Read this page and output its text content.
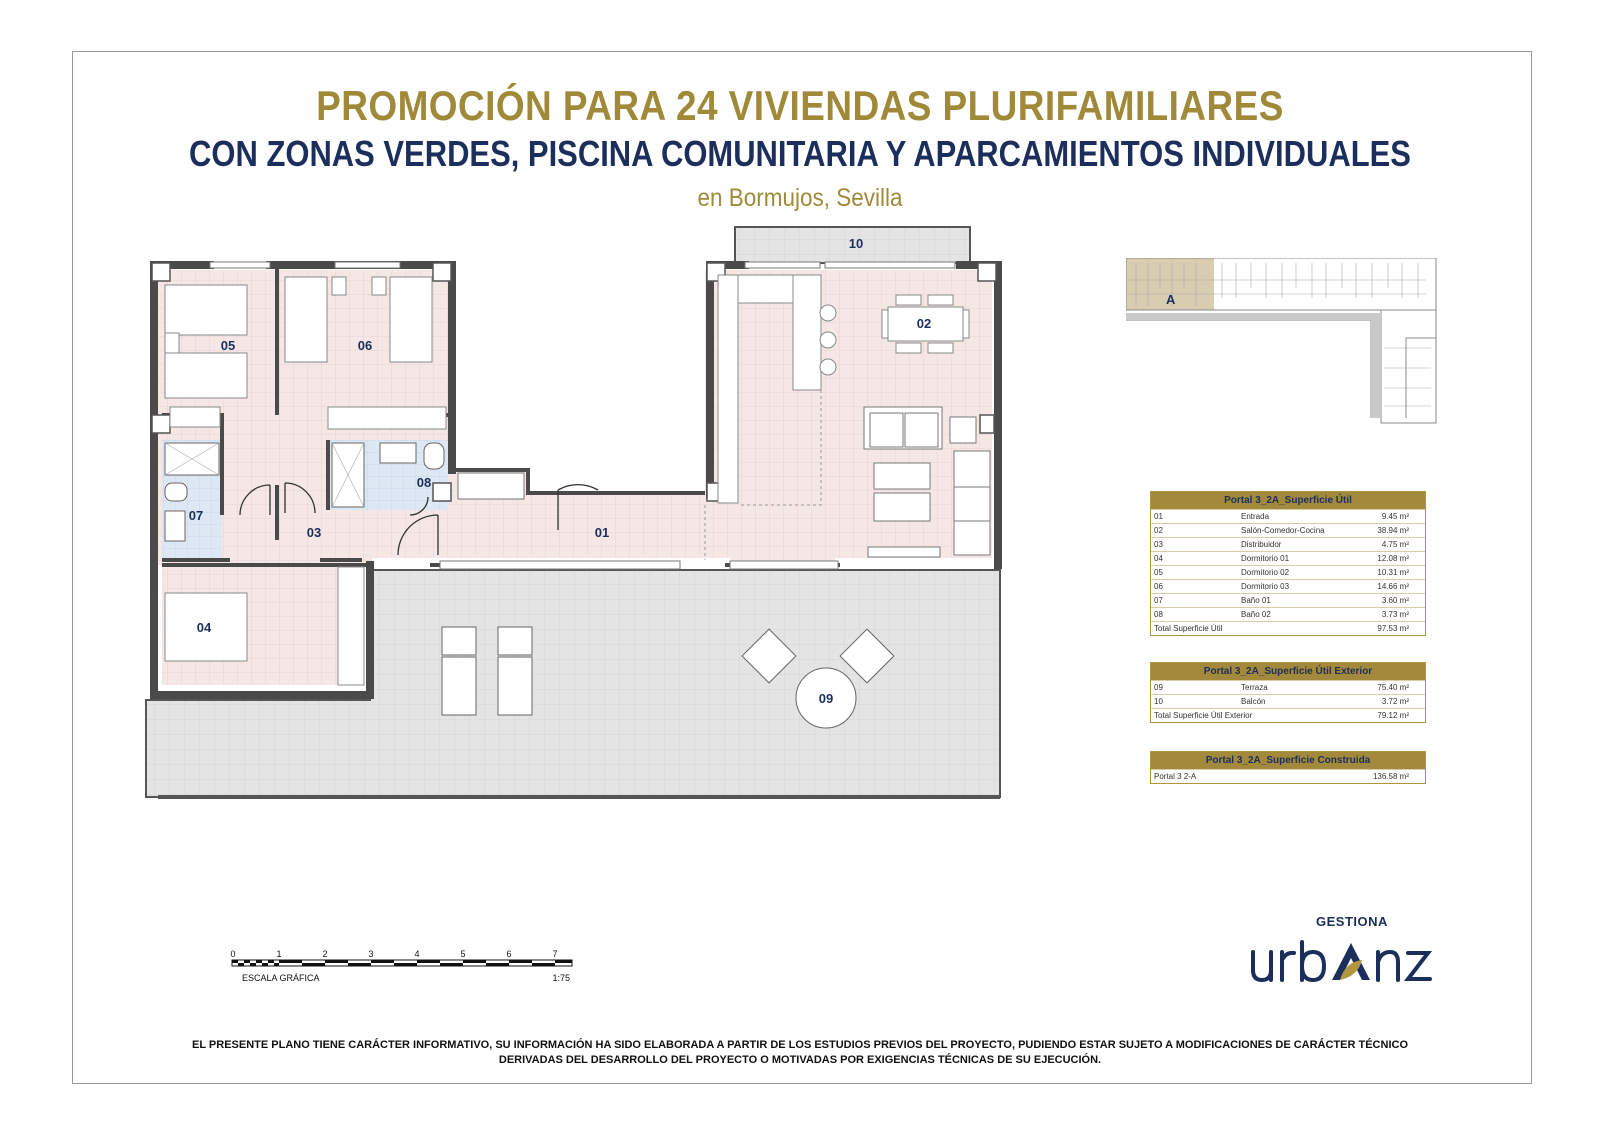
PROMOCIÓN PARA 24 VIVIENDAS PLURIFAMILIARES
CON ZONAS VERDES, PISCINA COMUNITARIA Y APARCAMIENTOS INDIVIDUALES
en Bormujos, Sevilla
01
02
03
04
05	06
07
08
09
10
A
Portal 3_2A_Superficie Útil
01	Entrada	9.45 m²
02	Salón-Comedor-Cocina	38.94 m²
03	Distribuidor	4.75 m²
04	Dormitorio 01	12.08 m²
05	Dormitorio 02	10.31 m²
06	Dormitorio 03	14.66 m²
07	Baño 01	3.60 m²
08	Baño 02	3.73 m²
Total Superficie Útil	97.53 m²
Portal 3_2A_Superficie Útil Exterior
09	Terraza	75.40 m²
10	Balcón	3.72 m²
Total Superficie Útil Exterior	79.12 m²
Portal 3_2A_Superficie Construida
Portal 3 2-A	136.58 m²
GESTIONA
0	1	2	3	4	5	6	7
ESCALA GRÁFICA	1:75
EL PRESENTE PLANO TIENE CARÁCTER INFORMATIVO, SU INFORMACIÓN HA SIDO ELABORADA A PARTIR DE LOS ESTUDIOS PREVIOS DEL PROYECTO, PUDIENDO ESTAR SUJETO A MODIFICACIONES DE CARÁCTER TÉCNICO
DERIVADAS DEL DESARROLLO DEL PROYECTO O MOTIVADAS POR EXIGENCIAS TÉCNICAS DE SU EJECUCIÓN.
